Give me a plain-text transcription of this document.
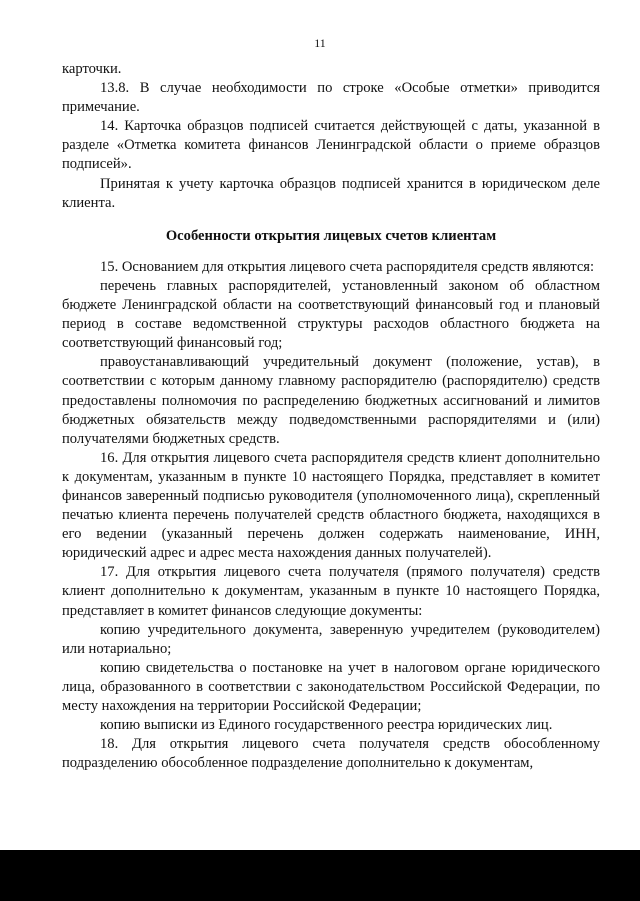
11

карточки.

13.8. В случае необходимости по строке «Особые отметки» приводится примечание.

14. Карточка образцов подписей считается действующей с даты, указанной в разделе «Отметка комитета финансов Ленинградской области о приеме образцов подписей».

Принятая к учету карточка образцов подписей хранится в юридическом деле клиента.

Особенности открытия лицевых счетов клиентам

15. Основанием для открытия лицевого счета распорядителя средств являются:

перечень главных распорядителей, установленный законом об областном бюджете Ленинградской области на соответствующий финансовый год и плановый период в составе ведомственной структуры расходов областного бюджета на соответствующий финансовый год;

правоустанавливающий учредительный документ (положение, устав), в соответствии с которым данному главному распорядителю (распорядителю) средств предоставлены полномочия по распределению бюджетных ассигнований и лимитов бюджетных обязательств между подведомственными распорядителями и (или) получателями бюджетных средств.

16. Для открытия лицевого счета распорядителя средств клиент дополнительно к документам, указанным в пункте 10 настоящего Порядка, представляет в комитет финансов заверенный подписью руководителя (уполномоченного лица), скрепленный печатью клиента перечень получателей средств областного бюджета, находящихся в его ведении (указанный перечень должен содержать наименование, ИНН, юридический адрес и адрес места нахождения данных получателей).

17. Для открытия лицевого счета получателя (прямого получателя) средств клиент дополнительно к документам, указанным в пункте 10 настоящего Порядка, представляет в комитет финансов следующие документы:

копию учредительного документа, заверенную учредителем (руководителем) или нотариально;

копию свидетельства о постановке на учет в налоговом органе юридического лица, образованного в соответствии с законодательством Российской Федерации, по месту нахождения на территории Российской Федерации;

копию выписки из Единого государственного реестра юридических лиц.

18. Для открытия лицевого счета получателя средств обособленному подразделению обособленное подразделение дополнительно к документам,
